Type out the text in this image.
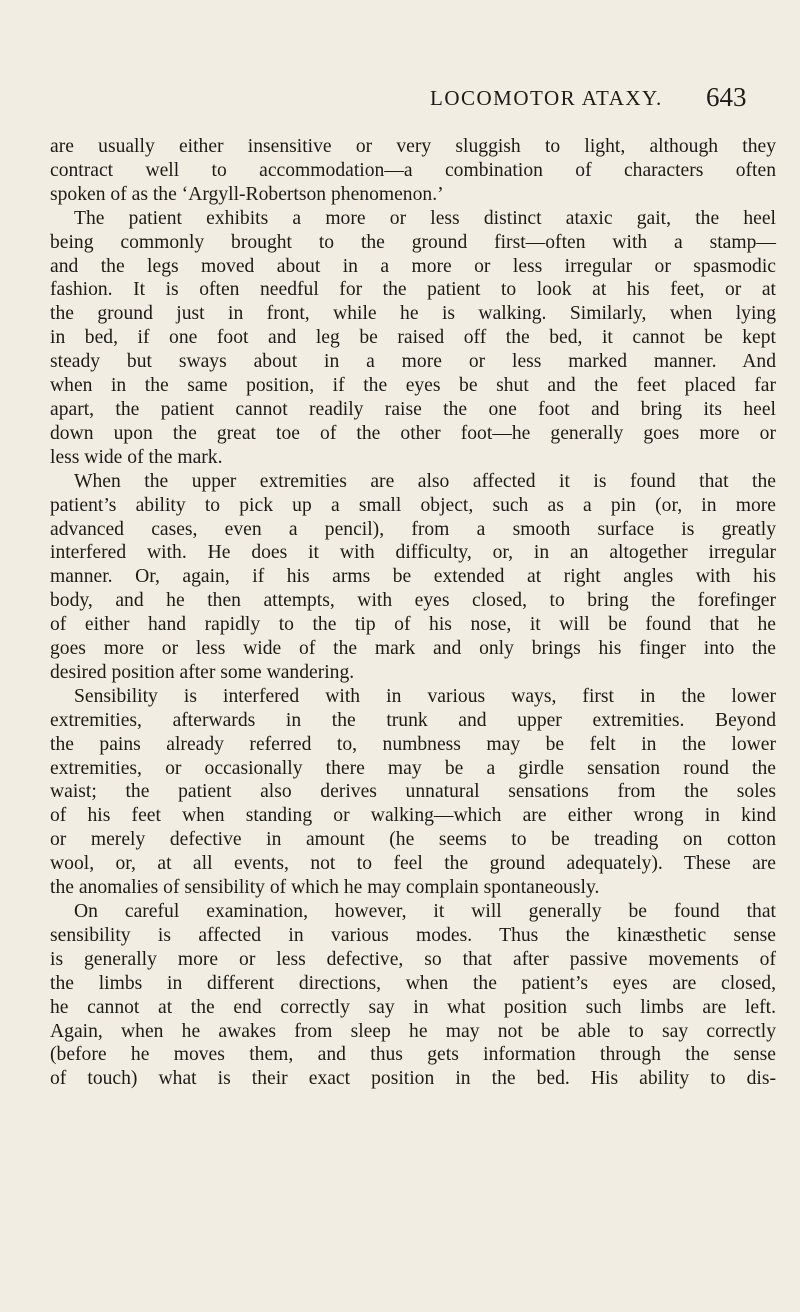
LOCOMOTOR ATAXY. 643
are usually either insensitive or very sluggish to light, although they
contract well to accommodation—a combination of characters often
spoken of as the ‘Argyll-Robertson phenomenon.’
The patient exhibits a more or less distinct ataxic gait, the heel
being commonly brought to the ground first—often with a stamp—
and the legs moved about in a more or less irregular or spasmodic
fashion. It is often needful for the patient to look at his feet, or at
the ground just in front, while he is walking. Similarly, when lying
in bed, if one foot and leg be raised off the bed, it cannot be kept
steady but sways about in a more or less marked manner. And
when in the same position, if the eyes be shut and the feet placed far
apart, the patient cannot readily raise the one foot and bring its heel
down upon the great toe of the other foot—he generally goes more or
less wide of the mark.
When the upper extremities are also affected it is found that the
patient’s ability to pick up a small object, such as a pin (or, in more
advanced cases, even a pencil), from a smooth surface is greatly
interfered with. He does it with difficulty, or, in an altogether irregular
manner. Or, again, if his arms be extended at right angles with his
body, and he then attempts, with eyes closed, to bring the forefinger
of either hand rapidly to the tip of his nose, it will be found that he
goes more or less wide of the mark and only brings his finger into the
desired position after some wandering.
Sensibility is interfered with in various ways, first in the lower
extremities, afterwards in the trunk and upper extremities. Beyond
the pains already referred to, numbness may be felt in the lower
extremities, or occasionally there may be a girdle sensation round the
waist; the patient also derives unnatural sensations from the soles
of his feet when standing or walking—which are either wrong in kind
or merely defective in amount (he seems to be treading on cotton
wool, or, at all events, not to feel the ground adequately). These are
the anomalies of sensibility of which he may complain spontaneously.
On careful examination, however, it will generally be found that
sensibility is affected in various modes. Thus the kinæsthetic sense
is generally more or less defective, so that after passive movements of
the limbs in different directions, when the patient’s eyes are closed,
he cannot at the end correctly say in what position such limbs are left.
Again, when he awakes from sleep he may not be able to say correctly
(before he moves them, and thus gets information through the sense
of touch) what is their exact position in the bed. His ability to dis-
